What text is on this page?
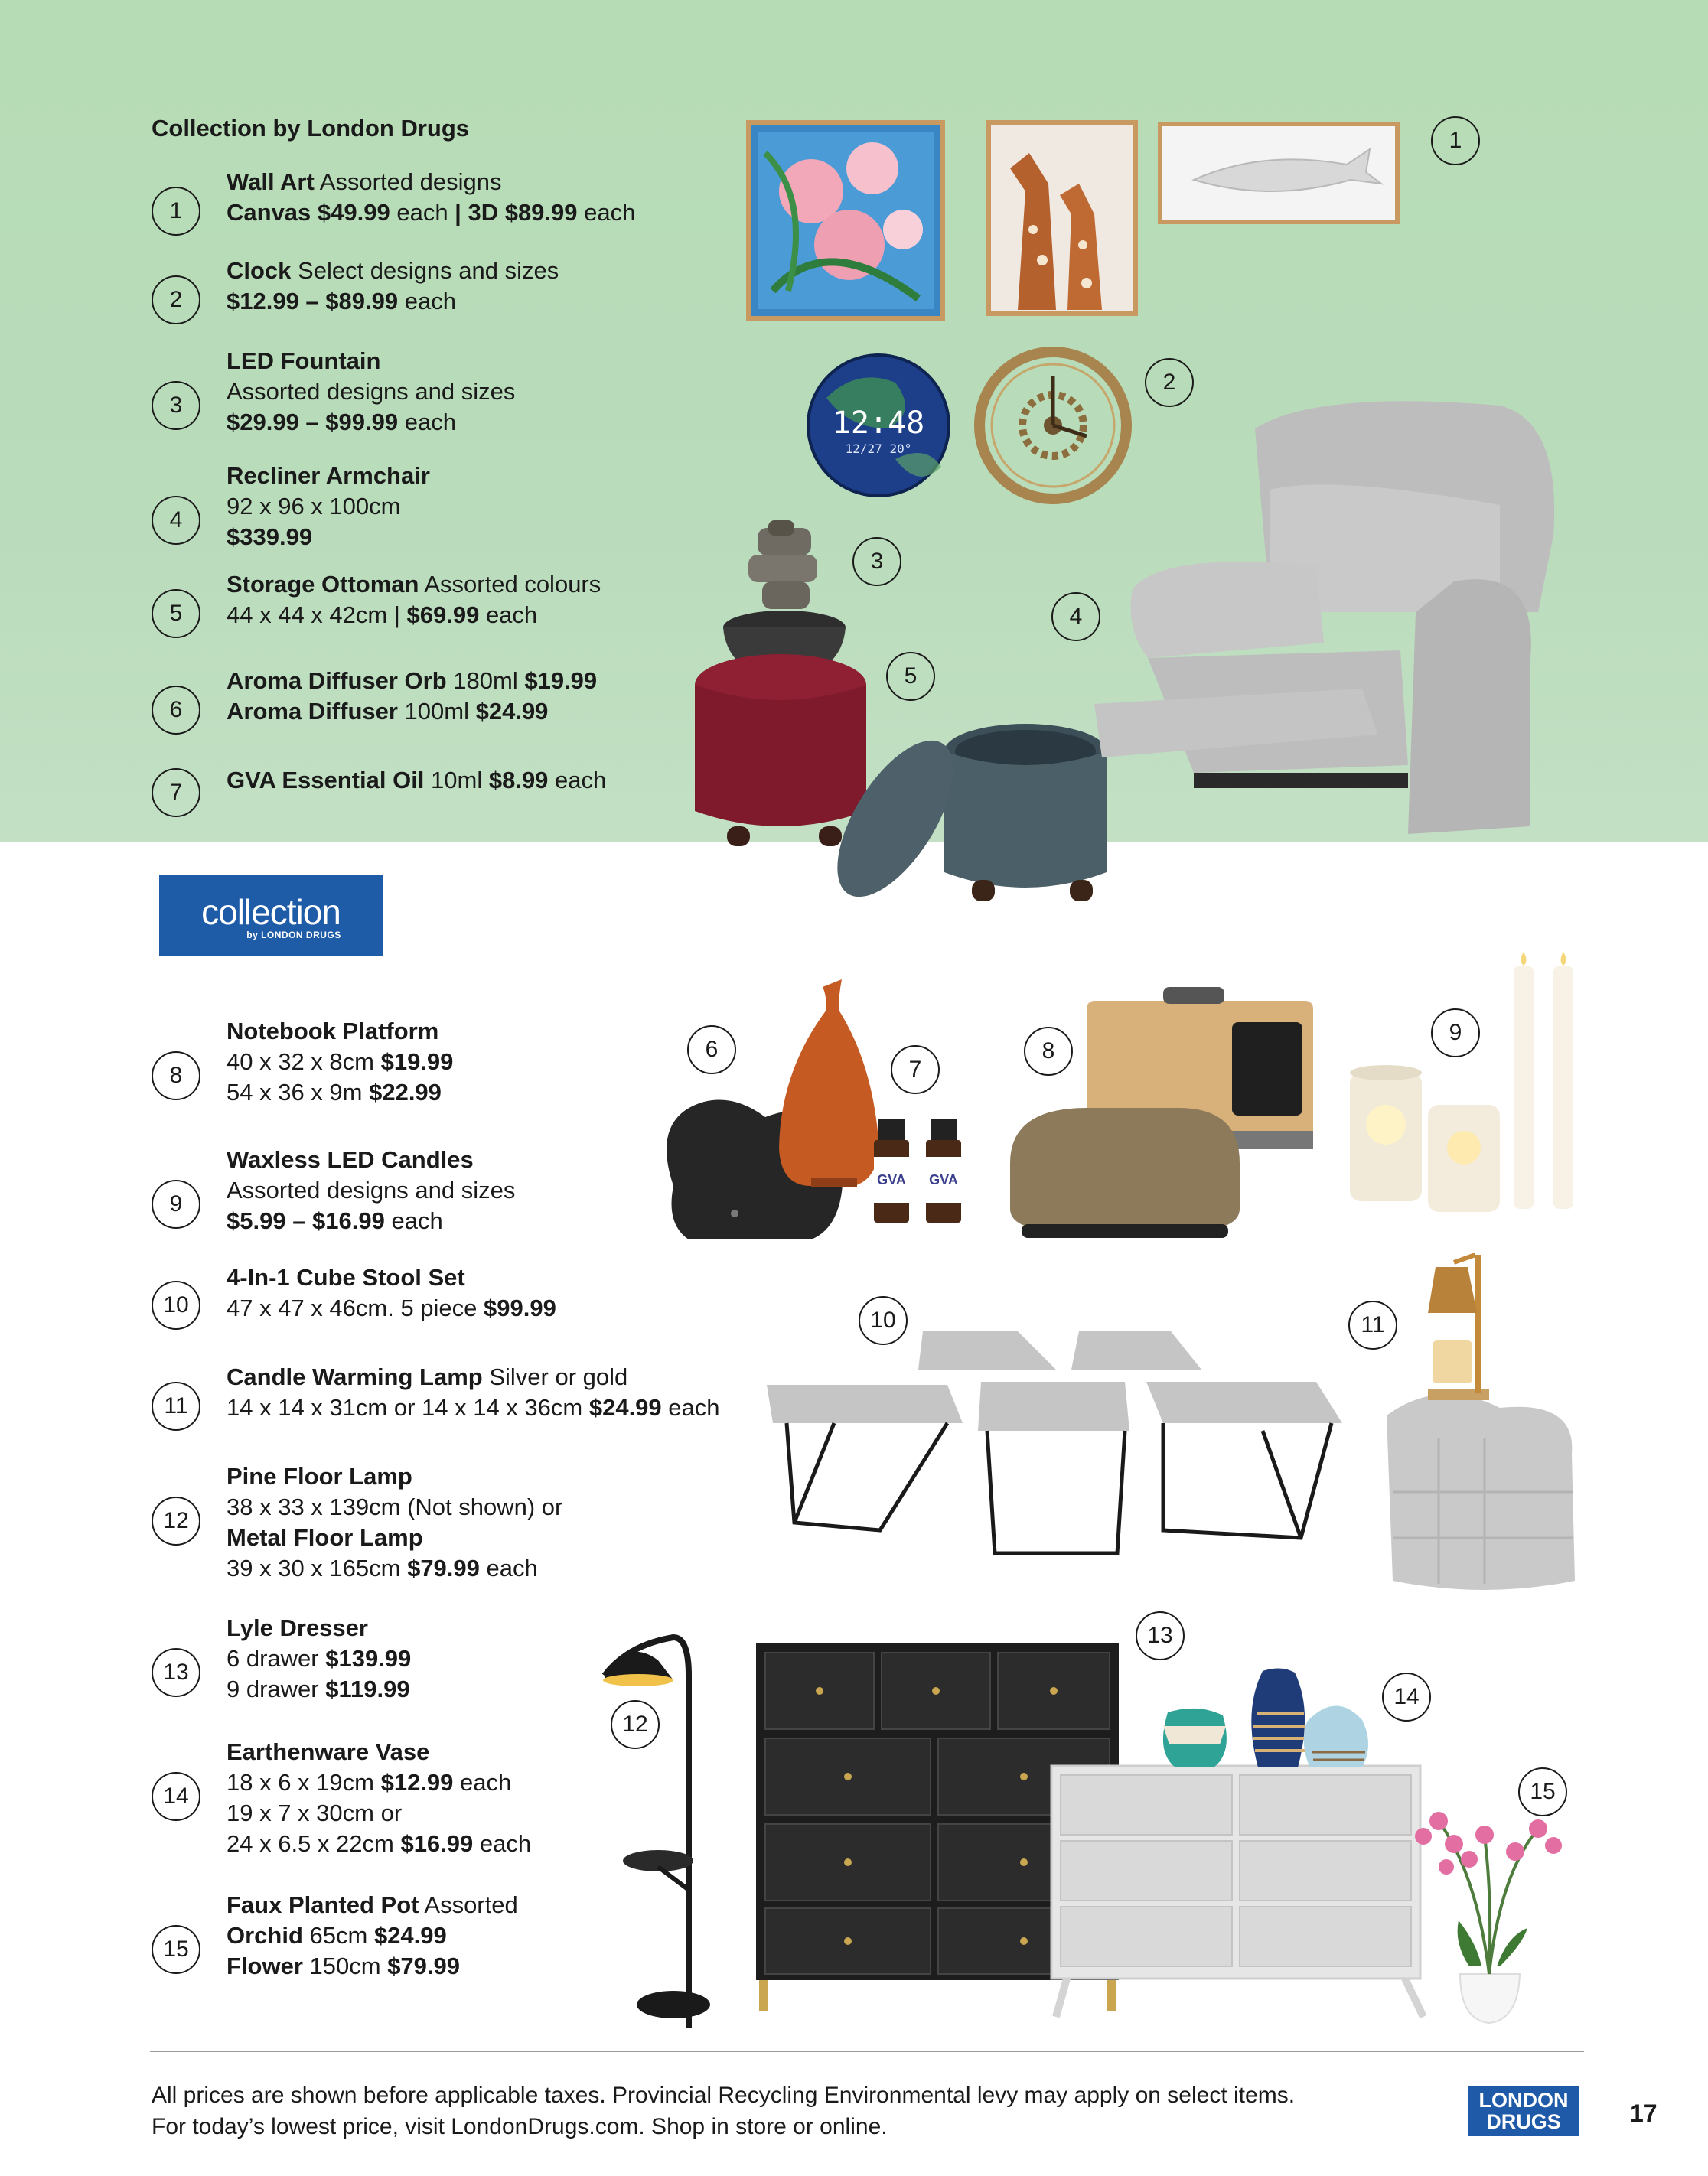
Collection by London Drugs
1
Wall Art Assorted designs
Canvas $49.99 each | 3D $89.99 each
2
Clock Select designs and sizes
$12.99 – $89.99 each
3
LED Fountain
Assorted designs and sizes
$29.99 – $99.99 each
4
Recliner Armchair
92 x 96 x 100cm
$339.99
5
Storage Ottoman Assorted colours
44 x 44 x 42cm | $69.99 each
6
Aroma Diffuser Orb 180ml $19.99
Aroma Diffuser 100ml $24.99
7	GVA Essential Oil 10ml $8.99 each
8
Notebook Platform
40 x 32 x 8cm $19.99
54 x 36 x 9m $22.99
9
Waxless LED Candles
Assorted designs and sizes
$5.99 – $16.99 each
10
4-In-1 Cube Stool Set
47 x 47 x 46cm. 5 piece $99.99
11
Candle Warming Lamp Silver or gold
14 x 14 x 31cm or 14 x 14 x 36cm $24.99 each
12
Pine Floor Lamp
38 x 33 x 139cm (Not shown) or
Metal Floor Lamp
39 x 30 x 165cm $79.99 each
13
Lyle Dresser
6 drawer $139.99
9 drawer $119.99
14
Earthenware Vase
18 x 6 x 19cm $12.99 each
19 x 7 x 30cm or
24 x 6.5 x 22cm $16.99 each
15
Faux Planted Pot Assorted
Orchid 65cm $24.99
Flower 150cm $79.99
collection
by LONDON DRUGS
12:48
12/27 20°
GVA GVA
1
2
3
4
5
6
7
8
9
10	11
12
13
14
15
All prices are shown before applicable taxes. Provincial Recycling Environmental levy may apply on select items.
For today’s lowest price, visit LondonDrugs.com. Shop in store or online.
LONDON
DRUGS	17
